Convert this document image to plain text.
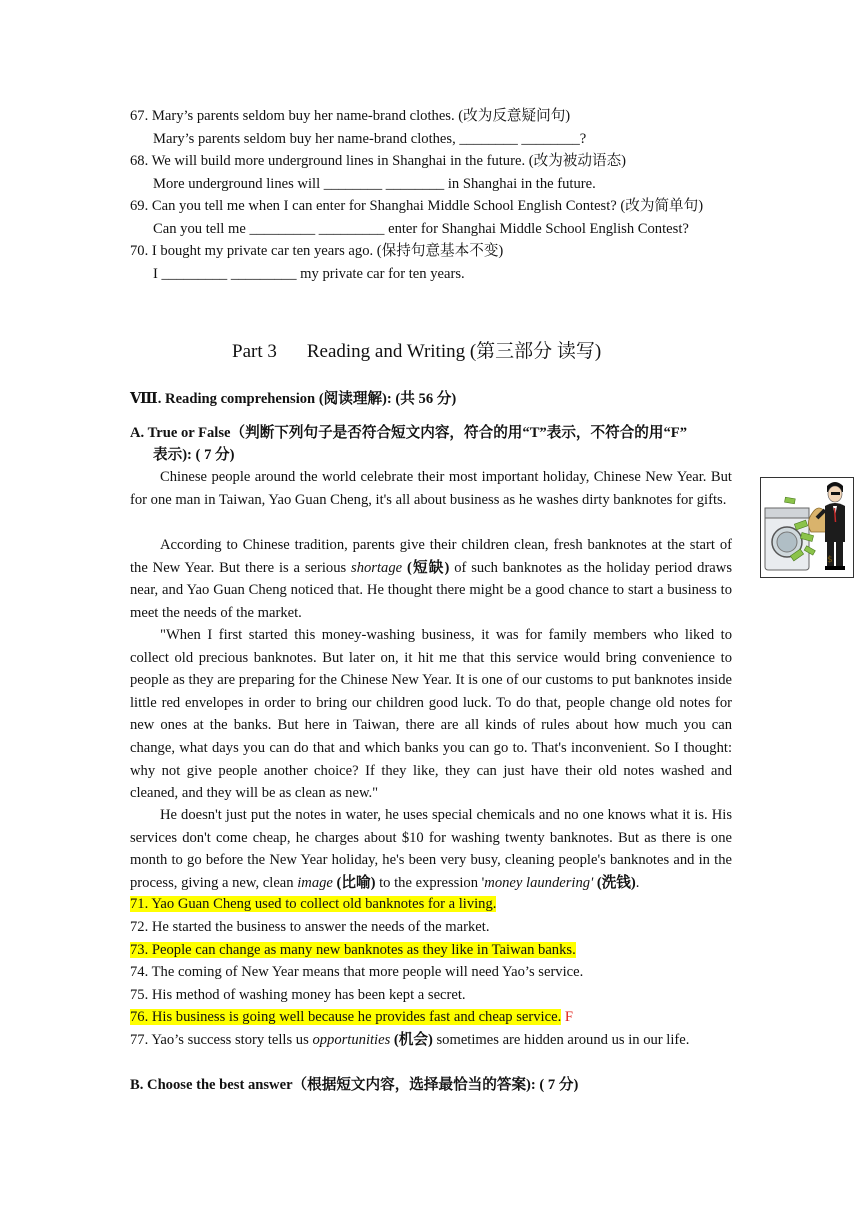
67. Mary’s parents seldom buy her name-brand clothes. (改为反意疑问句)
Mary’s parents seldom buy her name-brand clothes, ________ ________?
68. We will build more underground lines in Shanghai in the future. (改为被动语态)
More underground lines will ________ ________ in Shanghai in the future.
69. Can you tell me when I can enter for Shanghai Middle School English Contest? (改为简单句)
Can you tell me _________ _________ enter for Shanghai Middle School English Contest?
70. I bought my private car ten years ago. (保持句意基本不变)
I _________ _________ my private car for ten years.
Part 3 Reading and Writing (第三部分 读写)
Ⅷ. Reading comprehension (阅读理解): (共 56 分)
A. True or False（判断下列句子是否符合短文内容，符合的用“T”表示，不符合的用“F”
表示): ( 7 分)
Chinese people around the world celebrate their most important holiday, Chinese New Year. But for one man in Taiwan, Yao Guan Cheng, it's all about business as he washes dirty banknotes for gifts.
According to Chinese tradition, parents give their children clean, fresh banknotes at the start of the New Year. But there is a serious shortage (短缺) of such banknotes as the holiday period draws near, and Yao Guan Cheng noticed that. He thought there might be a good chance to start a business to meet the needs of the market.
"When I first started this money-washing business, it was for family members who liked to collect old precious banknotes. But later on, it hit me that this service would bring convenience to people as they are preparing for the Chinese New Year. It is one of our customs to put banknotes inside little red envelopes in order to bring our children good luck. To do that, people change old notes for new ones at the banks. But here in Taiwan, there are all kinds of rules about how much you can change, what days you can do that and which banks you can go to. That's inconvenient. So I thought: why not give people another choice? If they like, they can just have their old notes washed and cleaned, and they will be as clean as new."
He doesn't just put the notes in water, he uses special chemicals and no one knows what it is. His services don't come cheap, he charges about $10 for washing twenty banknotes. But as there is one month to go before the New Year holiday, he's been very busy, cleaning people's banknotes and in the process, giving a new, clean image (比喻) to the expression 'money laundering' (洗钱).
71. Yao Guan Cheng used to collect old banknotes for a living.
72. He started the business to answer the needs of the market.
73. People can change as many new banknotes as they like in Taiwan banks.
74. The coming of New Year means that more people will need Yao’s service.
75. His method of washing money has been kept a secret.
76. His business is going well because he provides fast and cheap service. F
77. Yao’s success story tells us opportunities (机会) sometimes are hidden around us in our life.
B. Choose the best answer（根据短文内容，选择最恰当的答案): ( 7 分)
$
